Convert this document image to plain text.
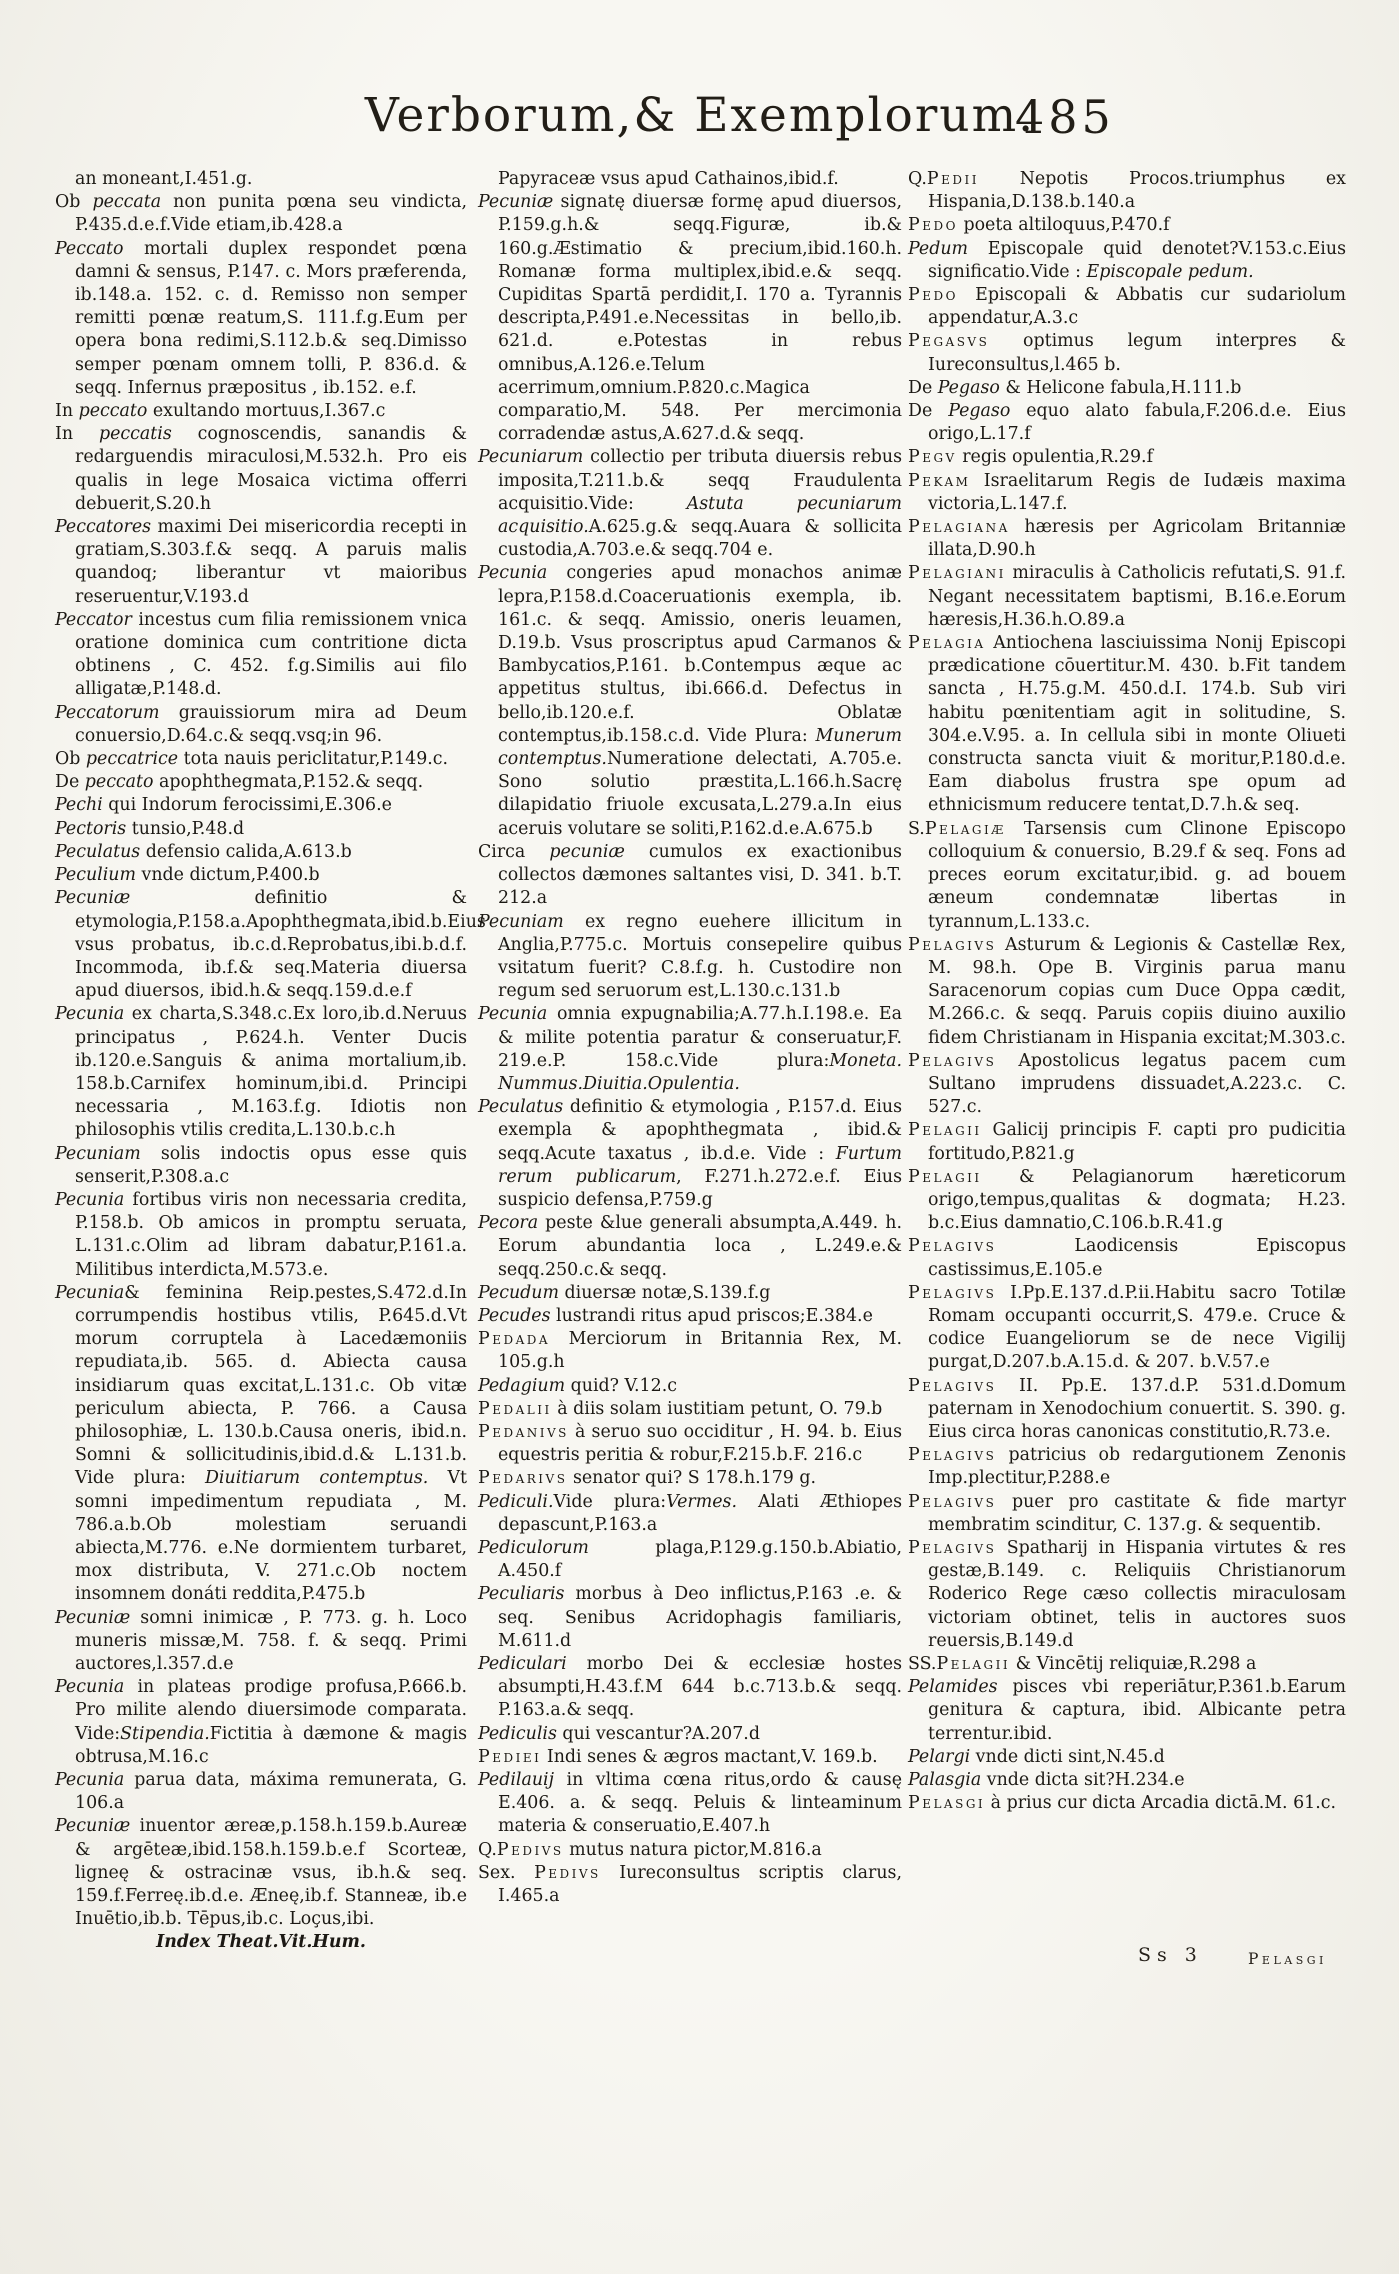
Verborum,& Exemplorum.
485

an moneant,I.451.g.

Ob peccata non punita pœna seu vindicta, P.435.d.e.f.Vide etiam,ib.428.a

Peccato mortali duplex respondet pœna damni & sensus, P.147. c. Mors præferenda, ib.148.a. 152. c. d. Remisso non semper remitti pœnæ reatum,S. 111.f.g.Eum per opera bona redimi,S.112.b.& seq.Dimisso semper pœnam omnem tolli, P. 836.d. & seqq. Infernus præpositus , ib.152. e.f.

In peccato exultando mortuus,I.367.c

In peccatis cognoscendis, sanandis & redarguendis miraculosi,M.532.h. Pro eis qualis in lege Mosaica victima offerri debuerit,S.20.h

Peccatores maximi Dei misericordia recepti in gratiam,S.303.f.& seqq. A paruis malis quandoq; liberantur vt maioribus reseruentur,V.193.d

Peccator incestus cum filia remissionem vnica oratione dominica cum contritione dicta obtinens , C. 452. f.g.Similis aui filo alligatæ,P.148.d.

Peccatorum grauissiorum mira ad Deum conuersio,D.64.c.& seqq.vsq;in 96.

Ob peccatrice tota nauis periclitatur,P.149.c.

De peccato apophthegmata,P.152.& seqq.

Pechi qui Indorum ferocissimi,E.306.e

Pectoris tunsio,P.48.d

Peculatus defensio calida,A.613.b

Peculium vnde dictum,P.400.b

Pecuniæ definitio & etymologia,P.158.a.Apophthegmata,ibid.b.Eius vsus probatus, ib.c.d.Reprobatus,ibi.b.d.f. Incommoda, ib.f.& seq.Materia diuersa apud diuersos, ibid.h.& seqq.159.d.e.f

Pecunia ex charta,S.348.c.Ex loro,ib.d.Neruus principatus , P.624.h. Venter Ducis ib.120.e.Sanguis & anima mortalium,ib. 158.b.Carnifex hominum,ibi.d. Principi necessaria , M.163.f.g. Idiotis non philosophis vtilis credita,L.130.b.c.h

Pecuniam solis indoctis opus esse quis senserit,P.308.a.c

Pecunia fortibus viris non necessaria credita, P.158.b. Ob amicos in promptu seruata, L.131.c.Olim ad libram dabatur,P.161.a. Militibus interdicta,M.573.e.

Pecunia& feminina Reip.pestes,S.472.d.In corrumpendis hostibus vtilis, P.645.d.Vt morum corruptela à Lacedæmoniis repudiata,ib. 565. d. Abiecta causa insidiarum quas excitat,L.131.c. Ob vitæ periculum abiecta, P. 766. a Causa philosophiæ, L. 130.b.Causa oneris, ibid.n. Somni & sollicitudinis,ibid.d.& L.131.b. Vide plura: Diuitiarum contemptus. Vt somni impedimentum repudiata , M. 786.a.b.Ob molestiam seruandi abiecta,M.776. e.Ne dormientem turbaret, mox distributa, V. 271.c.Ob noctem insomnem donáti reddita,P.475.b

Pecuniæ somni inimicæ , P. 773. g. h. Loco muneris missæ,M. 758. f. & seqq. Primi auctores,l.357.d.e

Pecunia in plateas prodige profusa,P.666.b. Pro milite alendo diuersimode comparata. Vide:Stipendia.Fictitia à dæmone & magis obtrusa,M.16.c

Pecunia parua data, máxima remunerata, G. 106.a

Pecuniæ inuentor æreæ,p.158.h.159.b.Aureæ & argēteæ,ibid.158.h.159.b.e.f Scorteæ, ligneę & ostracinæ vsus, ib.h.& seq. 159.f.Ferreę.ib.d.e. Æneę,ib.f. Stanneæ, ib.e Inuētio,ib.b. Tēpus,ib.c. Loçus,ibi.

Index Theat.Vit.Hum.

Papyraceæ vsus apud Cathainos,ibid.f.

Pecuniæ signatę diuersæ formę apud diuersos, P.159.g.h.& seqq.Figuræ, ib.& 160.g.Æstimatio & precium,ibid.160.h. Romanæ forma multiplex,ibid.e.& seqq. Cupiditas Spartā perdidit,I. 170 a. Tyrannis descripta,P.491.e.Necessitas in bello,ib. 621.d. e.Potestas in rebus omnibus,A.126.e.Telum acerrimum,omnium.P.820.c.Magica comparatio,M. 548. Per mercimonia corradendæ astus,A.627.d.& seqq.

Pecuniarum collectio per tributa diuersis rebus imposita,T.211.b.& seqq Fraudulenta acquisitio.Vide: Astuta pecuniarum acquisitio.A.625.g.& seqq.Auara & sollicita custodia,A.703.e.& seqq.704 e.

Pecunia congeries apud monachos animæ lepra,P.158.d.Coaceruationis exempla, ib. 161.c. & seqq. Amissio, oneris leuamen, D.19.b. Vsus proscriptus apud Carmanos & Bambycatios,P.161. b.Contempus æque ac appetitus stultus, ibi.666.d. Defectus in bello,ib.120.e.f. Oblatæ contemptus,ib.158.c.d. Vide Plura: Munerum contemptus.Numeratione delectati, A.705.e. Sono solutio præstita,L.166.h.Sacrę dilapidatio friuole excusata,L.279.a.In eius aceruis volutare se soliti,P.162.d.e.A.675.b

Circa pecuniæ cumulos ex exactionibus collectos dæmones saltantes visi, D. 341. b.T. 212.a

Pecuniam ex regno euehere illicitum in Anglia,P.775.c. Mortuis consepelire quibus vsitatum fuerit? C.8.f.g. h. Custodire non regum sed seruorum est,L.130.c.131.b

Pecunia omnia expugnabilia;A.77.h.I.198.e. Ea & milite potentia paratur & conseruatur,F. 219.e.P. 158.c.Vide plura:Moneta. Nummus.Diuitia.Opulentia.

Peculatus definitio & etymologia , P.157.d. Eius exempla & apophthegmata , ibid.& seqq.Acute taxatus , ib.d.e. Vide : Furtum rerum publicarum, F.271.h.272.e.f. Eius suspicio defensa,P.759.g

Pecora peste &lue generali absumpta,A.449. h. Eorum abundantia loca , L.249.e.& seqq.250.c.& seqq.

Pecudum diuersæ notæ,S.139.f.g

Pecudes lustrandi ritus apud priscos;E.384.e

Pedada Merciorum in Britannia Rex, M. 105.g.h

Pedagium quid? V.12.c

Pedalii à diis solam iustitiam petunt, O. 79.b

Pedanivs à seruo suo occiditur , H. 94. b. Eius equestris peritia & robur,F.215.b.F. 216.c

Pedarivs senator qui? S 178.h.179 g.

Pediculi.Vide plura:Vermes. Alati Æthiopes depascunt,P.163.a

Pediculorum plaga,P.129.g.150.b.Abiatio, A.450.f

Peculiaris morbus à Deo inflictus,P.163 .e. & seq. Senibus Acridophagis familiaris, M.611.d

Pediculari morbo Dei & ecclesiæ hostes absumpti,H.43.f.M 644 b.c.713.b.& seqq. P.163.a.& seqq.

Pediculis qui vescantur?A.207.d

Pediei Indi senes & ægros mactant,V. 169.b.

Pedilauij in vltima cœna ritus,ordo & causę E.406. a. & seqq. Peluis & linteaminum materia & conseruatio,E.407.h

Q.Pedivs mutus natura pictor,M.816.a

Sex. Pedivs Iureconsultus scriptis clarus, I.465.a

Q.Pedii Nepotis Procos.triumphus ex Hispania,D.138.b.140.a

Pedo poeta altiloquus,P.470.f

Pedum Episcopale quid denotet?V.153.c.Eius significatio.Vide : Episcopale pedum.

Pedo Episcopali & Abbatis cur sudariolum appendatur,A.3.c

Pegasvs optimus legum interpres & Iureconsultus,l.465 b.

De Pegaso & Helicone fabula,H.111.b

De Pegaso equo alato fabula,F.206.d.e. Eius origo,L.17.f

Pegv regis opulentia,R.29.f

Pekam Israelitarum Regis de Iudæis maxima victoria,L.147.f.

Pelagiana hæresis per Agricolam Britanniæ illata,D.90.h

Pelagiani miraculis à Catholicis refutati,S. 91.f. Negant necessitatem baptismi, B.16.e.Eorum hæresis,H.36.h.O.89.a

Pelagia Antiochena lasciuissima Nonij Episcopi prædicatione cōuertitur.M. 430. b.Fit tandem sancta , H.75.g.M. 450.d.I. 174.b. Sub viri habitu pœnitentiam agit in solitudine, S. 304.e.V.95. a. In cellula sibi in monte Oliueti constructa sancta viuit & moritur,P.180.d.e. Eam diabolus frustra spe opum ad ethnicismum reducere tentat,D.7.h.& seq.

S.Pelagiæ Tarsensis cum Clinone Episcopo colloquium & conuersio, B.29.f & seq. Fons ad preces eorum excitatur,ibid. g. ad bouem æneum condemnatæ libertas in tyrannum,L.133.c.

Pelagivs Asturum & Legionis & Castellæ Rex, M. 98.h. Ope B. Virginis parua manu Saracenorum copias cum Duce Oppa cædit, M.266.c. & seqq. Paruis copiis diuino auxilio fidem Christianam in Hispania excitat;M.303.c.

Pelagivs Apostolicus legatus pacem cum Sultano imprudens dissuadet,A.223.c. C. 527.c.

Pelagii Galicij principis F. capti pro pudicitia fortitudo,P.821.g

Pelagii & Pelagianorum hæreticorum origo,tempus,qualitas & dogmata; H.23. b.c.Eius damnatio,C.106.b.R.41.g

Pelagivs Laodicensis Episcopus castissimus,E.105.e

Pelagivs I.Pp.E.137.d.P.ii.Habitu sacro Totilæ Romam occupanti occurrit,S. 479.e. Cruce & codice Euangeliorum se de nece Vigilij purgat,D.207.b.A.15.d. & 207. b.V.57.e

Pelagivs II. Pp.E. 137.d.P. 531.d.Domum paternam in Xenodochium conuertit. S. 390. g. Eius circa horas canonicas constitutio,R.73.e.

Pelagivs patricius ob redargutionem Zenonis Imp.plectitur,P.288.e

Pelagivs puer pro castitate & fide martyr membratim scinditur, C. 137.g. & sequentib.

Pelagivs Spatharij in Hispania virtutes & res gestæ,B.149. c. Reliquiis Christianorum Roderico Rege cæso collectis miraculosam victoriam obtinet, telis in auctores suos reuersis,B.149.d

SS.Pelagii & Vincētij reliquiæ,R.298 a

Pelamides pisces vbi reperiātur,P.361.b.Earum genitura & captura, ibid. Albicante petra terrentur.ibid.

Pelargi vnde dicti sint,N.45.d

Palasgia vnde dicta sit?H.234.e

Pelasgi à prius cur dicta Arcadia dictā.M. 61.c.

Ss 3	Pelasgi
